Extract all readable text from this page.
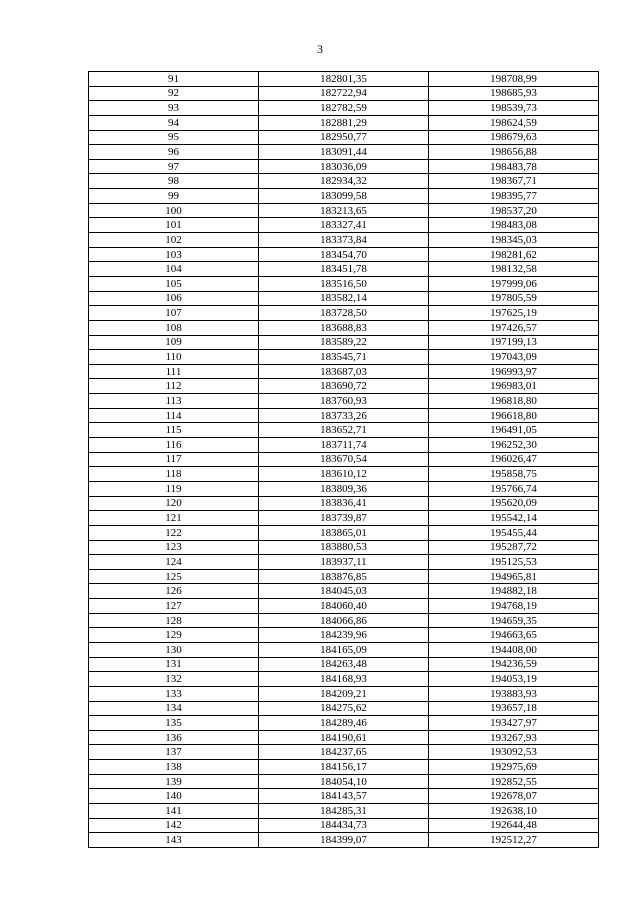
3
91	182801,35	198708,99
92	182722,94	198685,93
93	182782,59	198539,73
94	182881,29	198624,59
95	182950,77	198679,63
96	183091,44	198656,88
97	183036,09	198483,78
98	182934,32	198367,71
99	183099,58	198395,77
100	183213,65	198537,20
101	183327,41	198483,08
102	183373,84	198345,03
103	183454,70	198281,62
104	183451,78	198132,58
105	183516,50	197999,06
106	183582,14	197805,59
107	183728,50	197625,19
108	183688,83	197426,57
109	183589,22	197199,13
110	183545,71	197043,09
111	183687,03	196993,97
112	183690,72	196983,01
113	183760,93	196818,80
114	183733,26	196618,80
115	183652,71	196491,05
116	183711,74	196252,30
117	183670,54	196026,47
118	183610,12	195858,75
119	183809,36	195766,74
120	183836,41	195620,09
121	183739,87	195542,14
122	183865,01	195455,44
123	183880,53	195287,72
124	183937,11	195125,53
125	183876,85	194965,81
126	184045,03	194882,18
127	184060,40	194768,19
128	184066,86	194659,35
129	184239,96	194663,65
130	184165,09	194408,00
131	184263,48	194236,59
132	184168,93	194053,19
133	184209,21	193883,93
134	184275,62	193657,18
135	184289,46	193427,97
136	184190,61	193267,93
137	184237,65	193092,53
138	184156,17	192975,69
139	184054,10	192852,55
140	184143,57	192678,07
141	184285,31	192638,10
142	184434,73	192644,48
143	184399,07	192512,27
